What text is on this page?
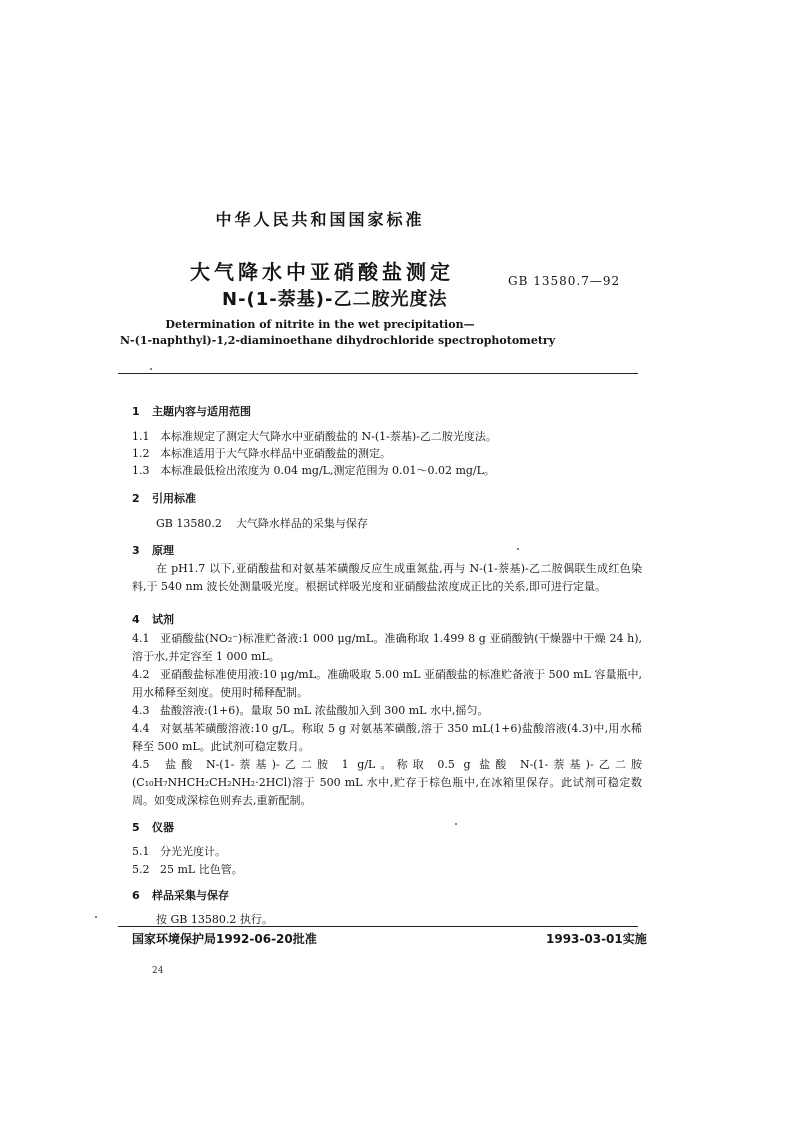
中华人民共和国国家标准
大气降水中亚硝酸盐测定
N-(1-萘基)-乙二胺光度法
GB 13580.7—92
Determination of nitrite in the wet precipitation—
N-(1-naphthyl)-1,2-diaminoethane dihydrochloride spectrophotometry
1 主题内容与适用范围
1.1 本标准规定了测定大气降水中亚硝酸盐的 N-(1-萘基)-乙二胺光度法。
1.2 本标准适用于大气降水样品中亚硝酸盐的测定。
1.3 本标准最低检出浓度为 0.04 mg/L,测定范围为 0.01～0.02 mg/L。
2 引用标准
GB 13580.2 大气降水样品的采集与保存
3 原理
在 pH1.7 以下,亚硝酸盐和对氨基苯磺酸反应生成重氮盐,再与 N-(1-萘基)-乙二胺偶联生成红色染料,于 540 nm 波长处测量吸光度。根据试样吸光度和亚硝酸盐浓度成正比的关系,即可进行定量。
4 试剂
4.1 亚硝酸盐(NO₂⁻)标准贮备液:1 000 μg/mL。准确称取 1.499 8 g 亚硝酸钠(干燥器中干燥 24 h),溶于水,并定容至 1 000 mL。
4.2 亚硝酸盐标准使用液:10 μg/mL。准确吸取 5.00 mL 亚硝酸盐的标准贮备液于 500 mL 容量瓶中,用水稀释至刻度。使用时稀释配制。
4.3 盐酸溶液:(1+6)。量取 50 mL 浓盐酸加入到 300 mL 水中,摇匀。
4.4 对氨基苯磺酸溶液:10 g/L。称取 5 g 对氨基苯磺酸,溶于 350 mL(1+6)盐酸溶液(4.3)中,用水稀释至 500 mL。此试剂可稳定数月。
4.5 盐酸 N-(1-萘基)-乙二胺 1 g/L。称取 0.5 g 盐酸 N-(1-萘基)-乙二胺(C₁₀H₇NHCH₂CH₂NH₂·2HCl)溶于 500 mL 水中,贮存于棕色瓶中,在冰箱里保存。此试剂可稳定数周。如变成深棕色则弃去,重新配制。
5 仪器
5.1 分光光度计。
5.2 25 mL 比色管。
6 样品采集与保存
按 GB 13580.2 执行。
国家环境保护局1992-06-20批准	1993-03-01实施
24
